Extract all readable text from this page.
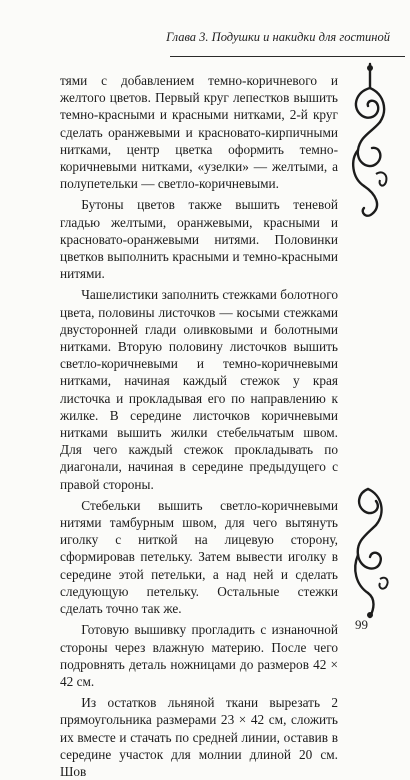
Глава 3. Подушки и накидки для гостиной

тями с добавлением темно-коричневого и желтого цветов. Первый круг лепестков вышить темно-красными и красными нитками, 2-й круг сделать оранжевыми и красновато-кирпичными нитками, центр цветка оформить темно-коричневыми нитками, «узелки» — желтыми, а полупетельки — светло-коричневыми.

Бутоны цветов также вышить теневой гладью желтыми, оранжевыми, красными и красновато-оранжевыми нитями. Половинки цветков выполнить красными и темно-красными нитями.

Чашелистики заполнить стежками болотного цвета, половины листочков — косыми стежками двусторонней глади оливковыми и болотными нитками. Вторую половину листочков вышить светло-коричневыми и темно-коричневыми нитками, начиная каждый стежок у края листочка и прокладывая его по направлению к жилке. В середине листочков коричневыми нитками вышить жилки стебельчатым швом. Для чего каждый стежок прокладывать по диагонали, начиная в середине предыдущего с правой стороны.

Стебельки вышить светло-коричневыми нитями тамбурным швом, для чего вытянуть иголку с ниткой на лицевую сторону, сформировав петельку. Затем вывести иголку в середине этой петельки, а над ней и сделать следующую петельку. Остальные стежки сделать точно так же.

Готовую вышивку прогладить с изнаночной стороны через влажную материю. После чего подровнять деталь ножницами до размеров 42 × 42 см.

Из остатков льняной ткани вырезать 2 прямоугольника размерами 23 × 42 см, сложить их вместе и стачать по средней линии, оставив в середине участок для молнии длиной 20 см. Шов

99
